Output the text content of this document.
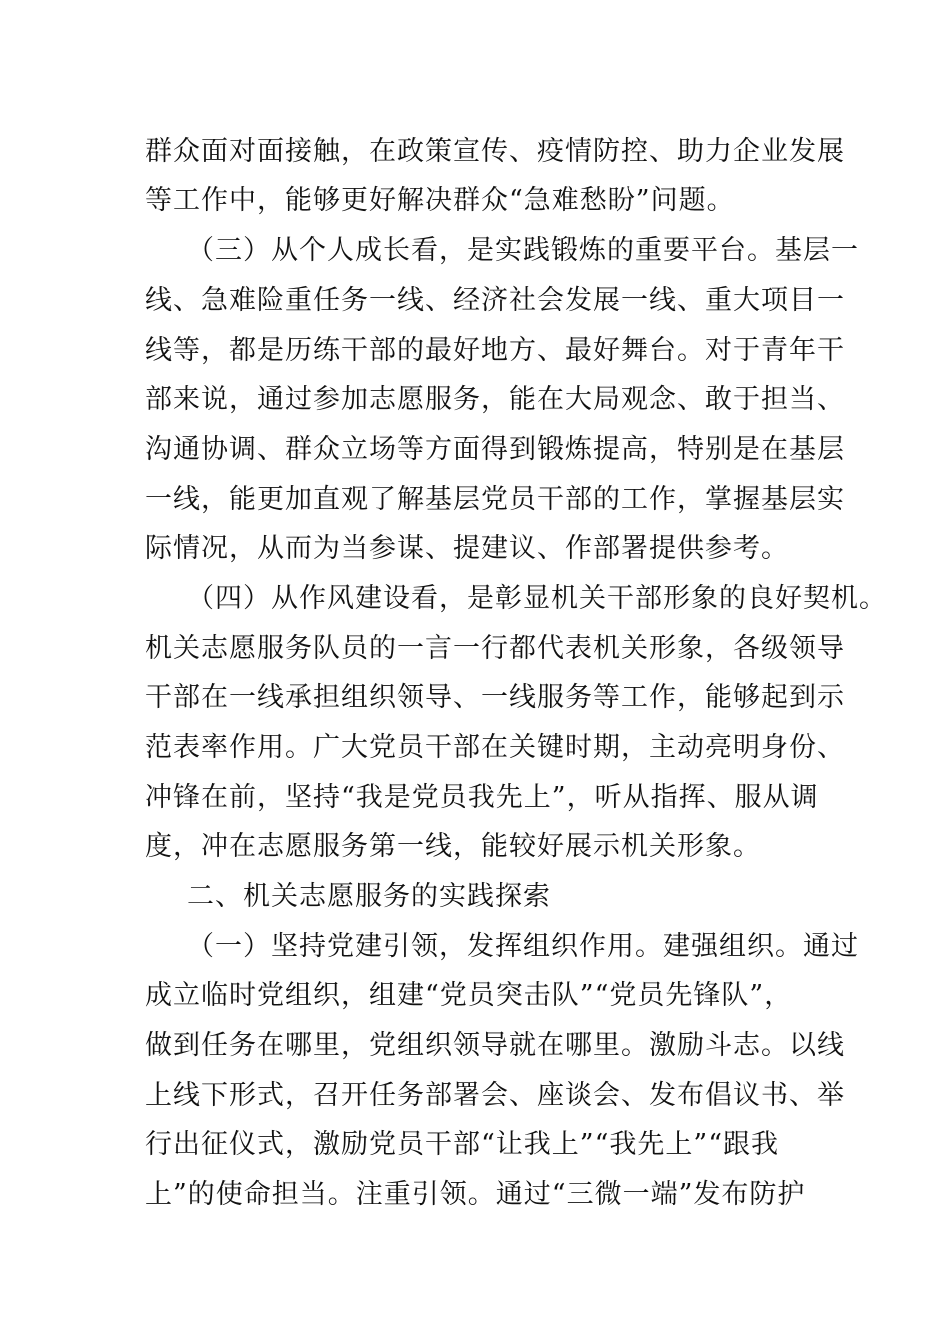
群众面对面接触，在政策宣传、疫情防控、助力企业发展
等工作中，能够更好解决群众“急难愁盼”问题。
（三）从个人成长看，是实践锻炼的重要平台。基层一
线、急难险重任务一线、经济社会发展一线、重大项目一
线等，都是历练干部的最好地方、最好舞台。对于青年干
部来说，通过参加志愿服务，能在大局观念、敢于担当、
沟通协调、群众立场等方面得到锻炼提高，特别是在基层
一线，能更加直观了解基层党员干部的工作，掌握基层实
际情况，从而为当参谋、提建议、作部署提供参考。
（四）从作风建设看，是彰显机关干部形象的良好契机。
机关志愿服务队员的一言一行都代表机关形象，各级领导
干部在一线承担组织领导、一线服务等工作，能够起到示
范表率作用。广大党员干部在关键时期，主动亮明身份、
冲锋在前，坚持“我是党员我先上”，听从指挥、服从调
度，冲在志愿服务第一线，能较好展示机关形象。
二、机关志愿服务的实践探索
（一）坚持党建引领，发挥组织作用。建强组织。通过
成立临时党组织，组建“党员突击队”“党员先锋队”，
做到任务在哪里，党组织领导就在哪里。激励斗志。以线
上线下形式，召开任务部署会、座谈会、发布倡议书、举
行出征仪式，激励党员干部“让我上”“我先上”“跟我
上”的使命担当。注重引领。通过“三微一端”发布防护
